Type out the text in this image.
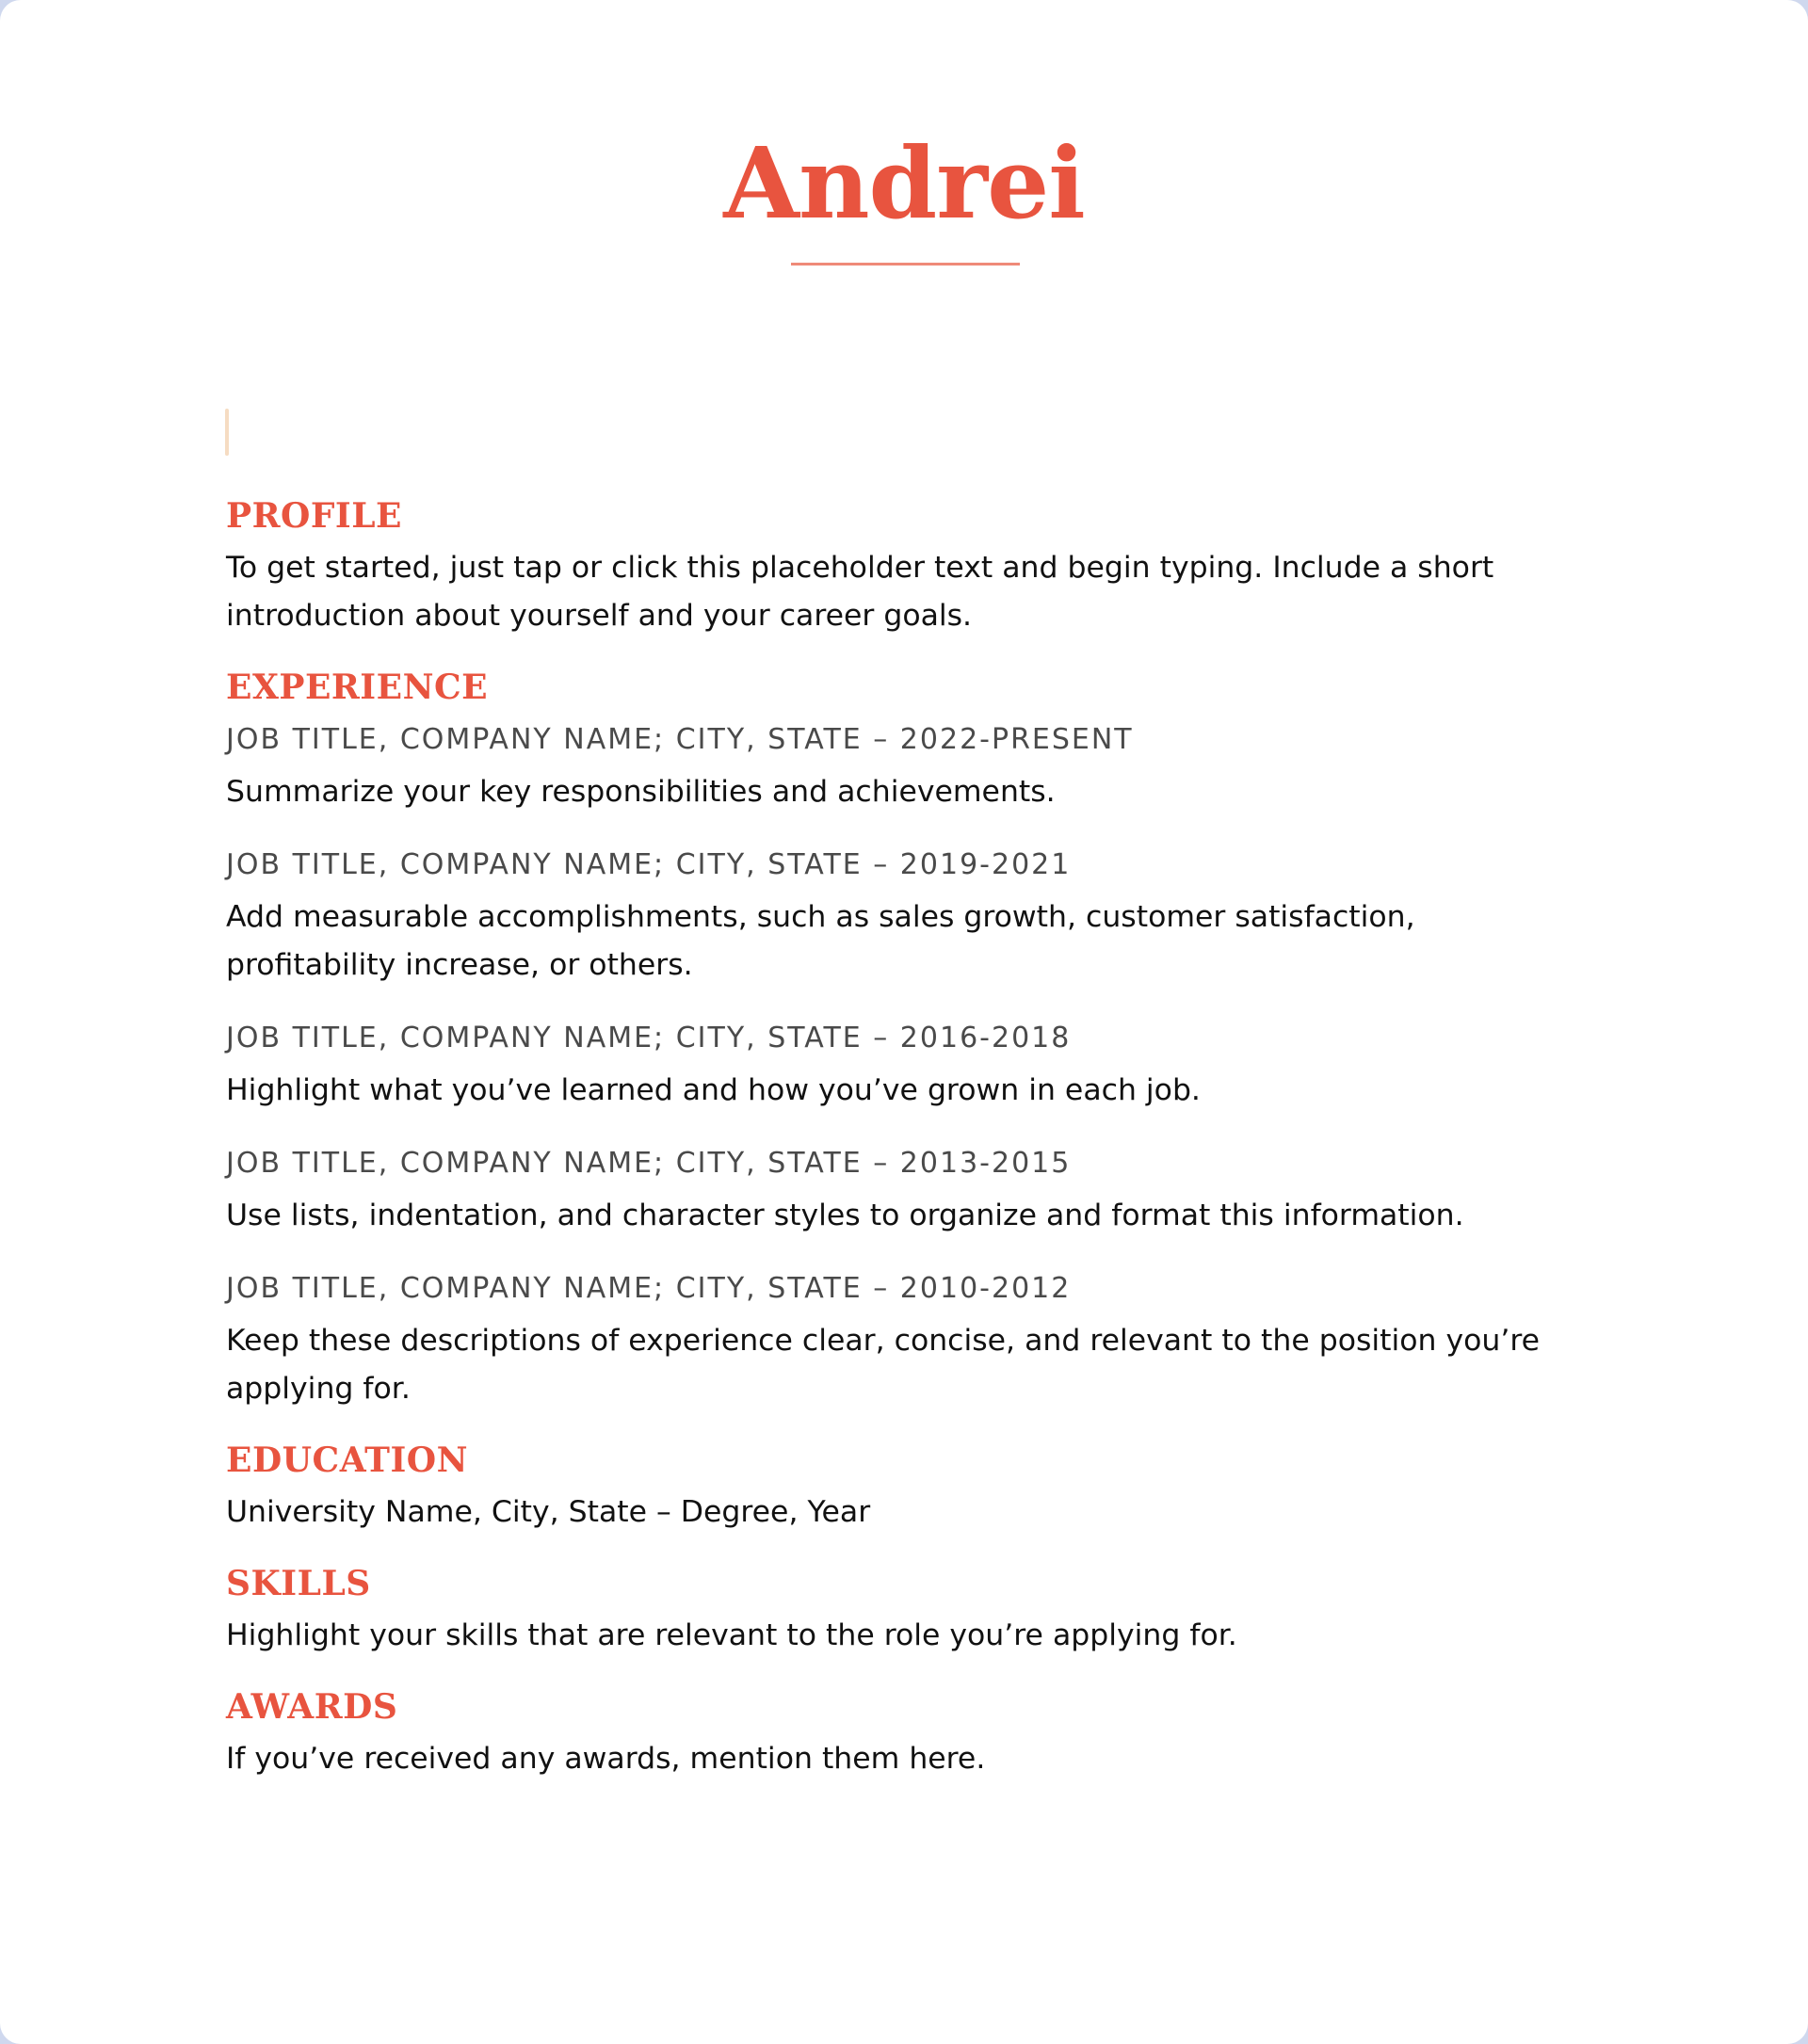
Andrei

PROFILE

To get started, just tap or click this placeholder text and begin typing. Include a short introduction about yourself and your career goals.

EXPERIENCE

JOB TITLE, COMPANY NAME; CITY, STATE – 2022-PRESENT

Summarize your key responsibilities and achievements.

JOB TITLE, COMPANY NAME; CITY, STATE – 2019-2021

Add measurable accomplishments, such as sales growth, customer satisfaction, profitability increase, or others.

JOB TITLE, COMPANY NAME; CITY, STATE – 2016-2018

Highlight what you’ve learned and how you’ve grown in each job.

JOB TITLE, COMPANY NAME; CITY, STATE – 2013-2015

Use lists, indentation, and character styles to organize and format this information.

JOB TITLE, COMPANY NAME; CITY, STATE – 2010-2012

Keep these descriptions of experience clear, concise, and relevant to the position you’re applying for.

EDUCATION

University Name, City, State – Degree, Year

SKILLS

Highlight your skills that are relevant to the role you’re applying for.

AWARDS

If you’ve received any awards, mention them here.
